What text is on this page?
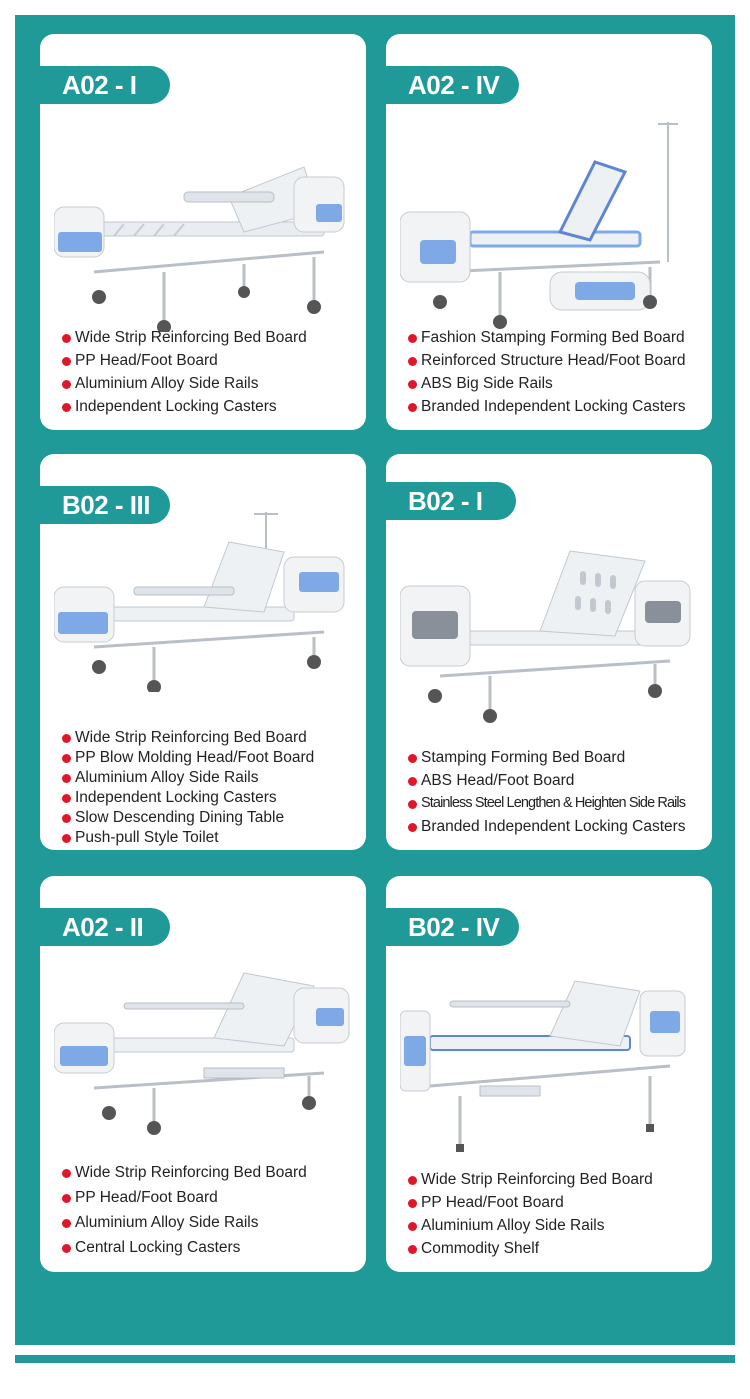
A02 - I
Wide Strip Reinforcing Bed Board
PP Head/Foot Board
Aluminium Alloy Side Rails
Independent Locking Casters
A02 - IV
Fashion Stamping Forming Bed Board
Reinforced Structure Head/Foot Board
ABS Big Side Rails
Branded Independent Locking Casters
B02 - III
Wide Strip Reinforcing Bed Board
PP Blow Molding Head/Foot Board
Aluminium Alloy Side Rails
Independent Locking Casters
Slow Descending Dining Table
Push-pull Style Toilet
B02 - I
Stamping Forming Bed Board
ABS Head/Foot Board
Stainless Steel Lengthen & Heighten Side Rails
Branded Independent Locking Casters
A02 - II
Wide Strip Reinforcing Bed Board
PP Head/Foot Board
Aluminium Alloy Side Rails
Central Locking Casters
B02 - IV
Wide Strip Reinforcing Bed Board
PP Head/Foot Board
Aluminium Alloy Side Rails
Commodity Shelf
